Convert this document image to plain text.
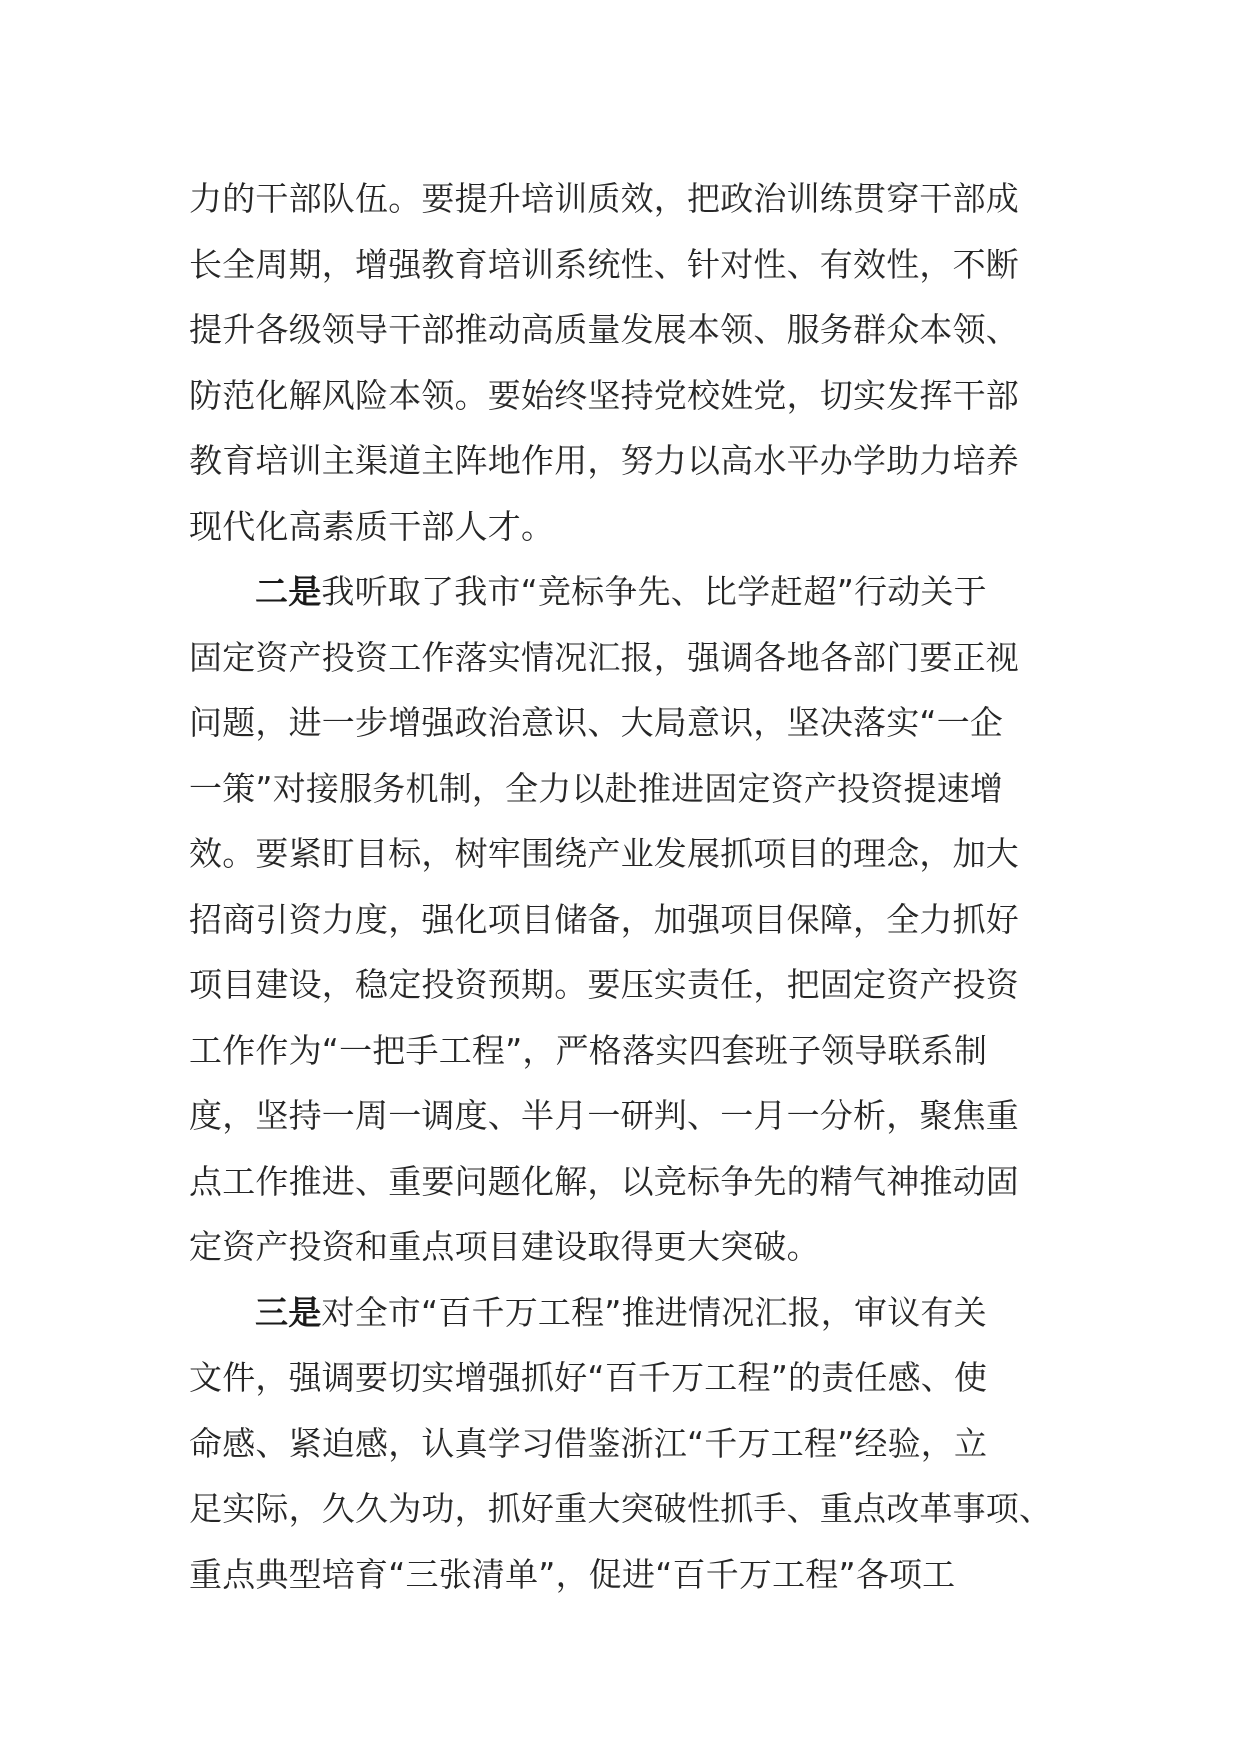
力的干部队伍。要提升培训质效，把政治训练贯穿干部成
长全周期，增强教育培训系统性、针对性、有效性，不断
提升各级领导干部推动高质量发展本领、服务群众本领、
防范化解风险本领。要始终坚持党校姓党，切实发挥干部
教育培训主渠道主阵地作用，努力以高水平办学助力培养
现代化高素质干部人才。

二是我听取了我市“竞标争先、比学赶超”行动关于
固定资产投资工作落实情况汇报，强调各地各部门要正视
问题，进一步增强政治意识、大局意识，坚决落实“一企
一策”对接服务机制，全力以赴推进固定资产投资提速增
效。要紧盯目标，树牢围绕产业发展抓项目的理念，加大
招商引资力度，强化项目储备，加强项目保障，全力抓好
项目建设，稳定投资预期。要压实责任，把固定资产投资
工作作为“一把手工程”，严格落实四套班子领导联系制
度，坚持一周一调度、半月一研判、一月一分析，聚焦重
点工作推进、重要问题化解，以竞标争先的精气神推动固
定资产投资和重点项目建设取得更大突破。

三是对全市“百千万工程”推进情况汇报，审议有关
文件，强调要切实增强抓好“百千万工程”的责任感、使
命感、紧迫感，认真学习借鉴浙江“千万工程”经验，立
足实际，久久为功，抓好重大突破性抓手、重点改革事项、
重点典型培育“三张清单”，促进“百千万工程”各项工
